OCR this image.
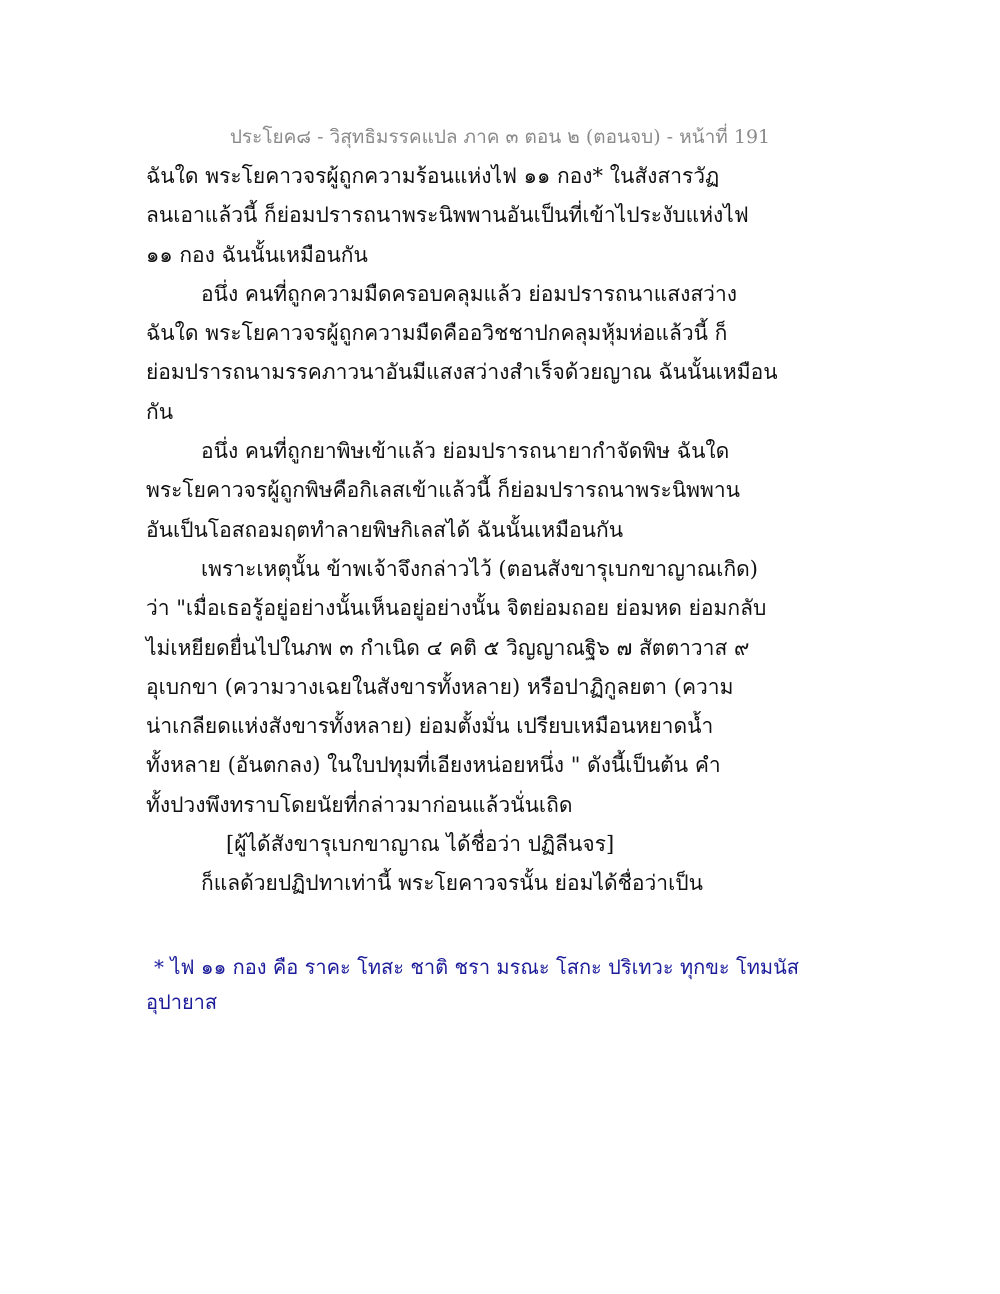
ประโยค๘ - วิสุทธิมรรคแปล ภาค ๓ ตอน ๒ (ตอนจบ) - หน้าที่ 191
ฉันใด พระโยคาวจรผู้ถูกความร้อนแห่งไฟ ๑๑ กอง* ในสังสารวัฏ
ลนเอาแล้วนี้ ก็ย่อมปรารถนาพระนิพพานอันเป็นที่เข้าไประงับแห่งไฟ
๑๑ กอง ฉันนั้นเหมือนกัน
อนึ่ง คนที่ถูกความมืดครอบคลุมแล้ว ย่อมปรารถนาแสงสว่าง
ฉันใด พระโยคาวจรผู้ถูกความมืดคืออวิชชาปกคลุมหุ้มห่อแล้วนี้ ก็
ย่อมปรารถนามรรคภาวนาอันมีแสงสว่างสำเร็จด้วยญาณ ฉันนั้นเหมือน
กัน
อนึ่ง คนที่ถูกยาพิษเข้าแล้ว ย่อมปรารถนายากำจัดพิษ ฉันใด
พระโยคาวจรผู้ถูกพิษคือกิเลสเข้าแล้วนี้ ก็ย่อมปรารถนาพระนิพพาน
อันเป็นโอสถอมฤตทำลายพิษกิเลสได้ ฉันนั้นเหมือนกัน
เพราะเหตุนั้น ข้าพเจ้าจึงกล่าวไว้ (ตอนสังขารุเบกขาญาณเกิด)
ว่า "เมื่อเธอรู้อยู่อย่างนั้นเห็นอยู่อย่างนั้น จิตย่อมถอย ย่อมหด ย่อมกลับ
ไม่เหยียดยื่นไปในภพ ๓ กำเนิด ๔ คติ ๕ วิญญาณฐิ๖ ๗ สัตตาวาส ๙
อุเบกขา (ความวางเฉยในสังขารทั้งหลาย) หรือปาฏิกูลยตา (ความ
น่าเกลียดแห่งสังขารทั้งหลาย) ย่อมตั้งมั่น เปรียบเหมือนหยาดน้ำ
ทั้งหลาย (อันตกลง) ในใบปทุมที่เอียงหน่อยหนึ่ง " ดังนี้เป็นต้น คำ
ทั้งปวงพึงทราบโดยนัยที่กล่าวมาก่อนแล้วนั่นเถิด
[ผู้ได้สังขารุเบกขาญาณ ได้ชื่อว่า ปฏิลีนจร]
ก็แลด้วยปฏิปทาเท่านี้ พระโยคาวจรนั้น ย่อมได้ชื่อว่าเป็น
* ไฟ ๑๑ กอง คือ ราคะ โทสะ ชาติ ชรา มรณะ โสกะ ปริเทวะ ทุกขะ โทมนัส
อุปายาส
